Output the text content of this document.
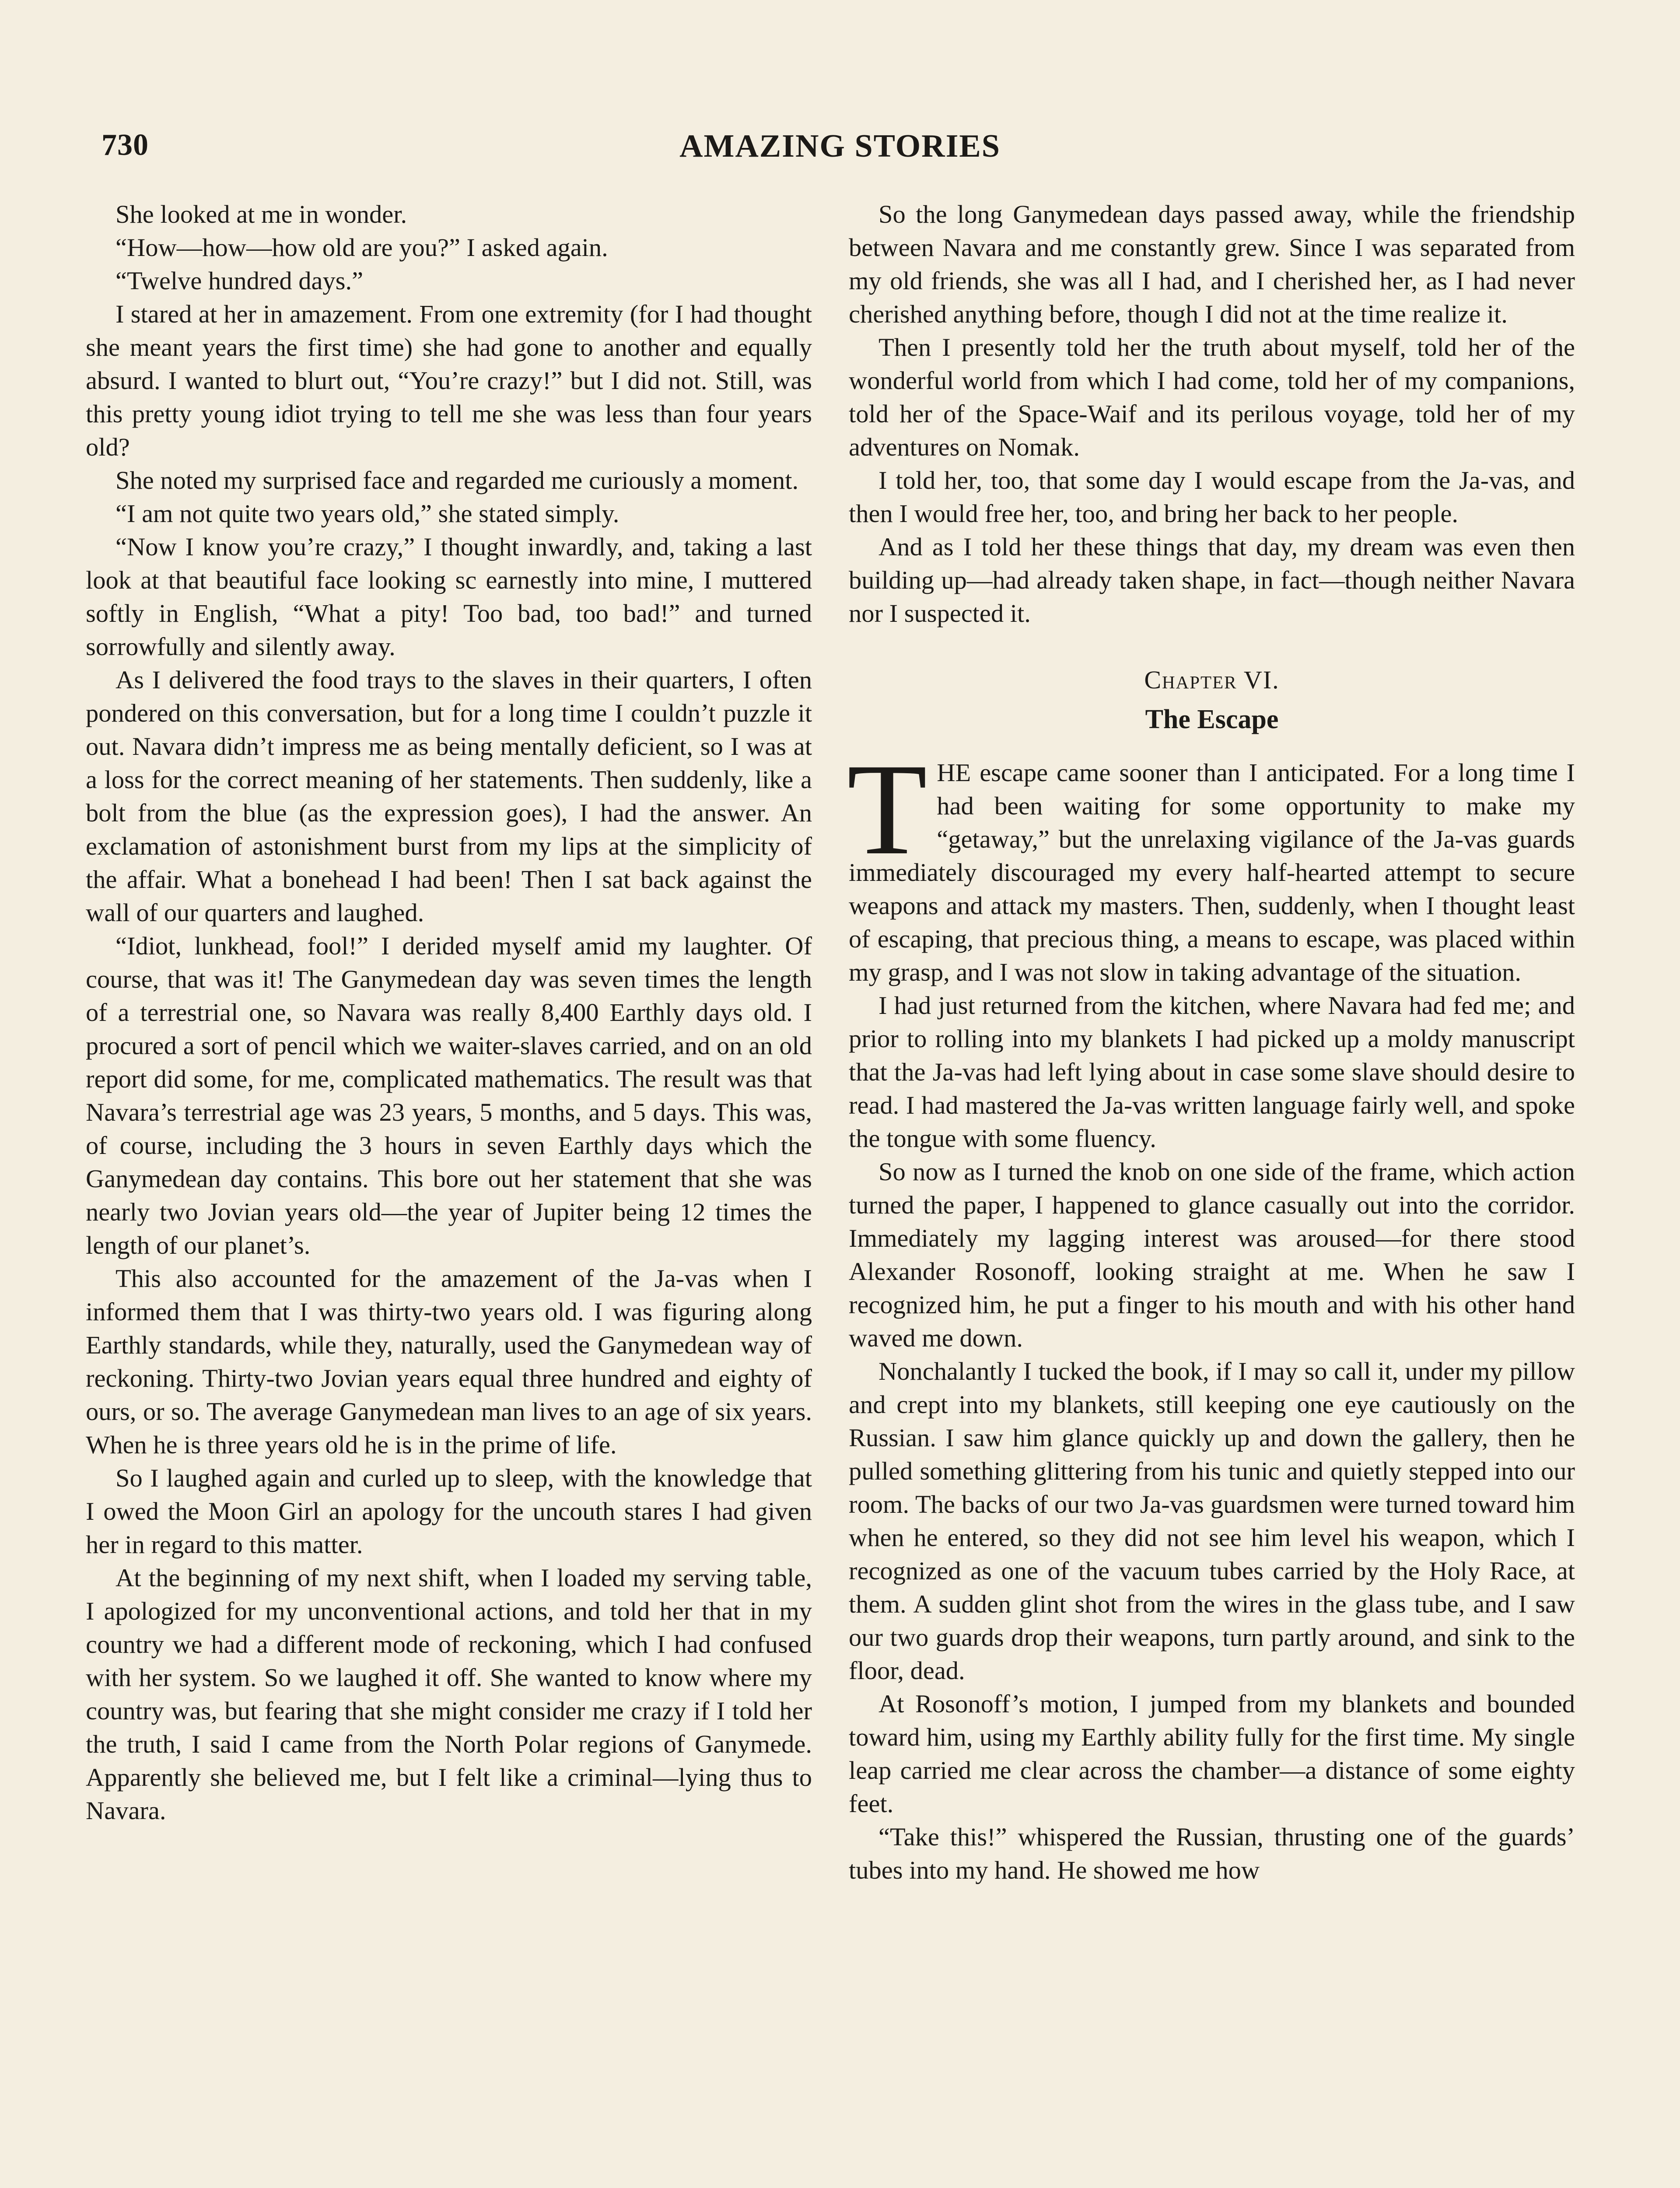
730	AMAZING STORIES

She looked at me in wonder.

“How—how—how old are you?” I asked again.

“Twelve hundred days.”

I stared at her in amazement. From one extremity (for I had thought she meant years the first time) she had gone to another and equally absurd. I wanted to blurt out, “You’re crazy!” but I did not. Still, was this pretty young idiot trying to tell me she was less than four years old?

She noted my surprised face and regarded me curiously a moment.

“I am not quite two years old,” she stated simply.

“Now I know you’re crazy,” I thought inwardly, and, taking a last look at that beautiful face looking sc earnestly into mine, I muttered softly in English, “What a pity! Too bad, too bad!” and turned sorrowfully and silently away.

As I delivered the food trays to the slaves in their quarters, I often pondered on this conversation, but for a long time I couldn’t puzzle it out. Navara didn’t impress me as being mentally deficient, so I was at a loss for the correct meaning of her statements. Then suddenly, like a bolt from the blue (as the expression goes), I had the answer. An exclamation of astonishment burst from my lips at the simplicity of the affair. What a bonehead I had been! Then I sat back against the wall of our quarters and laughed.

“Idiot, lunkhead, fool!” I derided myself amid my laughter. Of course, that was it! The Ganymedean day was seven times the length of a terrestrial one, so Navara was really 8,400 Earthly days old. I procured a sort of pencil which we waiter-slaves carried, and on an old report did some, for me, complicated mathematics. The result was that Navara’s terrestrial age was 23 years, 5 months, and 5 days. This was, of course, including the 3 hours in seven Earthly days which the Ganymedean day contains. This bore out her statement that she was nearly two Jovian years old—the year of Jupiter being 12 times the length of our planet’s.

This also accounted for the amazement of the Ja-vas when I informed them that I was thirty-two years old. I was figuring along Earthly standards, while they, naturally, used the Ganymedean way of reckoning. Thirty-two Jovian years equal three hundred and eighty of ours, or so. The average Ganymedean man lives to an age of six years. When he is three years old he is in the prime of life.

So I laughed again and curled up to sleep, with the knowledge that I owed the Moon Girl an apology for the uncouth stares I had given her in regard to this matter.

At the beginning of my next shift, when I loaded my serving table, I apologized for my unconventional actions, and told her that in my country we had a different mode of reckoning, which I had confused with her system. So we laughed it off. She wanted to know where my country was, but fearing that she might consider me crazy if I told her the truth, I said I came from the North Polar regions of Ganymede. Apparently she believed me, but I felt like a criminal—lying thus to Navara.

So the long Ganymedean days passed away, while the friendship between Navara and me constantly grew. Since I was separated from my old friends, she was all I had, and I cherished her, as I had never cherished anything before, though I did not at the time realize it.

Then I presently told her the truth about myself, told her of the wonderful world from which I had come, told her of my companions, told her of the Space-Waif and its perilous voyage, told her of my adventures on Nomak.

I told her, too, that some day I would escape from the Ja-vas, and then I would free her, too, and bring her back to her people.

And as I told her these things that day, my dream was even then building up—had already taken shape, in fact—though neither Navara nor I suspected it.

Chapter VI.
The Escape

THE escape came sooner than I anticipated. For a long time I had been waiting for some opportunity to make my “getaway,” but the unrelaxing vigilance of the Ja-vas guards immediately discouraged my every half-hearted attempt to secure weapons and attack my masters. Then, suddenly, when I thought least of escaping, that precious thing, a means to escape, was placed within my grasp, and I was not slow in taking advantage of the situation.

I had just returned from the kitchen, where Navara had fed me; and prior to rolling into my blankets I had picked up a moldy manuscript that the Ja-vas had left lying about in case some slave should desire to read. I had mastered the Ja-vas written language fairly well, and spoke the tongue with some fluency.

So now as I turned the knob on one side of the frame, which action turned the paper, I happened to glance casually out into the corridor. Immediately my lagging interest was aroused—for there stood Alexander Rosonoff, looking straight at me. When he saw I recognized him, he put a finger to his mouth and with his other hand waved me down.

Nonchalantly I tucked the book, if I may so call it, under my pillow and crept into my blankets, still keeping one eye cautiously on the Russian. I saw him glance quickly up and down the gallery, then he pulled something glittering from his tunic and quietly stepped into our room. The backs of our two Ja-vas guardsmen were turned toward him when he entered, so they did not see him level his weapon, which I recognized as one of the vacuum tubes carried by the Holy Race, at them. A sudden glint shot from the wires in the glass tube, and I saw our two guards drop their weapons, turn partly around, and sink to the floor, dead.

At Rosonoff’s motion, I jumped from my blankets and bounded toward him, using my Earthly ability fully for the first time. My single leap carried me clear across the chamber—a distance of some eighty feet.

“Take this!” whispered the Russian, thrusting one of the guards’ tubes into my hand. He showed me how
